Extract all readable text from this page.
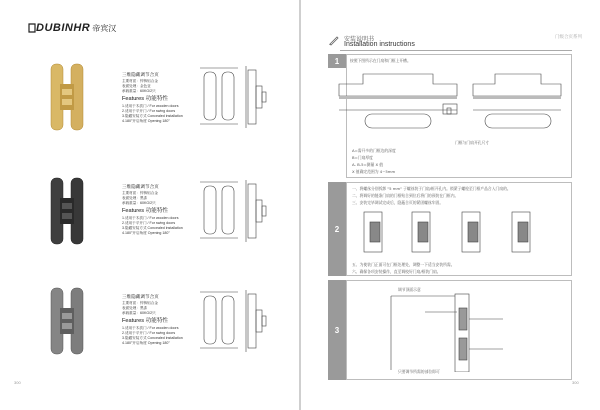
DUBINHR 帝宾汉
三维隐藏调节合页
主要材质：锌铸铝合金
表面处理：金色亚
承载重量：60KG/2只
Features 功能特性
1.适用于木质门 / For wooden doors
2.适用于平开门 / For swing doors
3.隐藏安装方式 Concealed installation
4.180°开启角度 Opening 180°
三维隐藏调节合页
主要材质：锌铸铝合金
表面处理：黑漆
承载重量：60KG/2只
Features 功能特性
1.适用于木质门 / For wooden doors
2.适用于平开门 / For swing doors
3.隐藏安装方式 Concealed installation
4.180°开启角度 Opening 180°
三维隐藏调节合页
主要材质：锌铸铝合金
表面处理：黑漆
承载重量：60KG/2只
Features 功能特性
1.适用于木质门 / For wooden doors
2.适用于平开门 / For swing doors
3.隐藏安装方式 Concealed installation
4.180°开启角度 Opening 180°
300
安装说明书
Installation instructions
门级合页系列
1	按照下图所示在门扇和门框上开槽。
门框与门扇开孔尺寸
A=需开多的门框边的深度
B=门扇厚度
A- B-5=测量 X 值
X 值确定范围为 4~5mm
2
一、将螺丝分别拆卸 "5 mm" 子螺丝装于门扇/框开孔内。锁紧子螺栓至门框产品合入门扇的。
二、将调好的链条门扇的门框贴合到位后将门的预装在门框内。
三、安装完毕调试完成后，隐蔽合页的紧固螺丝牢固。
五、为使装门正面可在门框处理处，调整一下适当安装所需。
六、确保各项安装操作，直至调校好门扇/框装门扇。
3
调节顶面示意
只要调节所需的部位即可
300
